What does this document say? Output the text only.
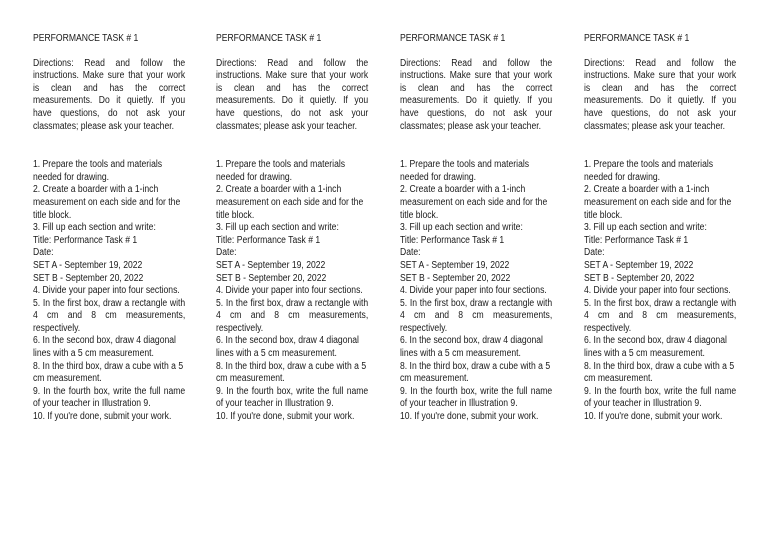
PERFORMANCE TASK # 1

Directions: Read and follow the instructions. Make sure that your work is clean and has the correct measurements. Do it quietly. If you have questions, do not ask your classmates; please ask your teacher.

1. Prepare the tools and materials needed for drawing.
2. Create a boarder with a 1-inch measurement on each side and for the title block.
3. Fill up each section and write:
Title: Performance Task # 1
Date:
SET A - September 19, 2022
SET B - September 20, 2022
4. Divide your paper into four sections.
5. In the first box, draw a rectangle with 4 cm and 8 cm measurements, respectively.
6. In the second box, draw 4 diagonal lines with a 5 cm measurement.
8. In the third box, draw a cube with a 5 cm measurement.
9. In the fourth box, write the full name of your teacher in Illustration 9.
10. If you're done, submit your work.

PERFORMANCE TASK # 1

Directions: Read and follow the instructions. Make sure that your work is clean and has the correct measurements. Do it quietly. If you have questions, do not ask your classmates; please ask your teacher.

1. Prepare the tools and materials needed for drawing.
2. Create a boarder with a 1-inch measurement on each side and for the title block.
3. Fill up each section and write:
Title: Performance Task # 1
Date:
SET A - September 19, 2022
SET B - September 20, 2022
4. Divide your paper into four sections.
5. In the first box, draw a rectangle with 4 cm and 8 cm measurements, respectively.
6. In the second box, draw 4 diagonal lines with a 5 cm measurement.
8. In the third box, draw a cube with a 5 cm measurement.
9. In the fourth box, write the full name of your teacher in Illustration 9.
10. If you're done, submit your work.

PERFORMANCE TASK # 1

Directions: Read and follow the instructions. Make sure that your work is clean and has the correct measurements. Do it quietly. If you have questions, do not ask your classmates; please ask your teacher.

1. Prepare the tools and materials needed for drawing.
2. Create a boarder with a 1-inch measurement on each side and for the title block.
3. Fill up each section and write:
Title: Performance Task # 1
Date:
SET A - September 19, 2022
SET B - September 20, 2022
4. Divide your paper into four sections.
5. In the first box, draw a rectangle with 4 cm and 8 cm measurements, respectively.
6. In the second box, draw 4 diagonal lines with a 5 cm measurement.
8. In the third box, draw a cube with a 5 cm measurement.
9. In the fourth box, write the full name of your teacher in Illustration 9.
10. If you're done, submit your work.

PERFORMANCE TASK # 1

Directions: Read and follow the instructions. Make sure that your work is clean and has the correct measurements. Do it quietly. If you have questions, do not ask your classmates; please ask your teacher.

1. Prepare the tools and materials needed for drawing.
2. Create a boarder with a 1-inch measurement on each side and for the title block.
3. Fill up each section and write:
Title: Performance Task # 1
Date:
SET A - September 19, 2022
SET B - September 20, 2022
4. Divide your paper into four sections.
5. In the first box, draw a rectangle with 4 cm and 8 cm measurements, respectively.
6. In the second box, draw 4 diagonal lines with a 5 cm measurement.
8. In the third box, draw a cube with a 5 cm measurement.
9. In the fourth box, write the full name of your teacher in Illustration 9.
10. If you're done, submit your work.
